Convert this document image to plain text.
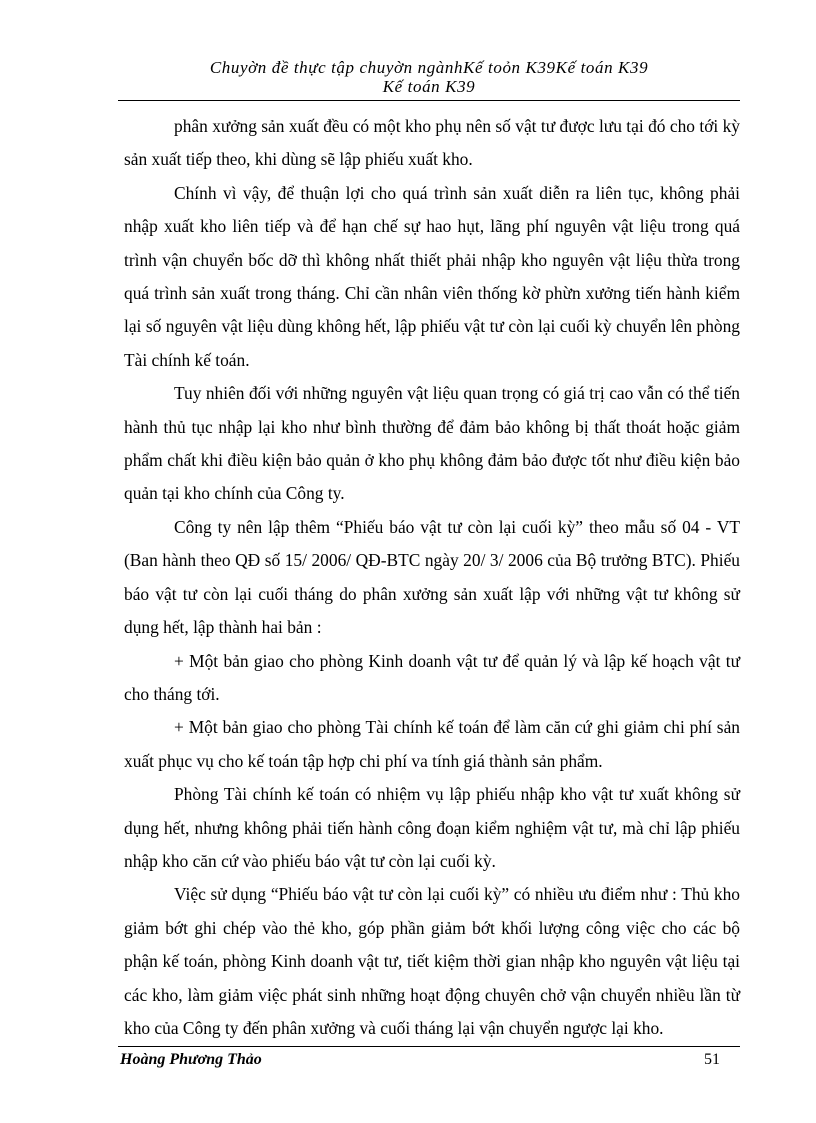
Chuyờn đề thực tập chuyờn ngànhKế toỏn K39Kế toán K39
Kế toán K39

phân xưởng sản xuất đều có một kho phụ nên số vật tư được lưu tại đó cho tới kỳ sản xuất tiếp theo, khi dùng sẽ lập phiếu xuất kho.

Chính vì vậy, để thuận lợi cho quá trình sản xuất diễn ra liên tục, không phải nhập xuất kho liên tiếp và để hạn chế sự hao hụt, lãng phí nguyên vật liệu trong quá trình vận chuyển bốc dỡ thì không nhất thiết phải nhập kho nguyên vật liệu thừa trong quá trình sản xuất trong tháng. Chỉ cần nhân viên thống kờ phừn xưởng tiến hành kiểm lại số nguyên vật liệu dùng không hết, lập phiếu vật tư còn lại cuối kỳ chuyển lên phòng Tài chính kế toán.

Tuy nhiên đối với những nguyên vật liệu quan trọng có giá trị cao vẫn có thể tiến hành thủ tục nhập lại kho như bình thường để đảm bảo không bị thất thoát hoặc giảm phẩm chất khi điều kiện bảo quản ở kho phụ không đảm bảo được tốt như điều kiện bảo quản tại kho chính của Công ty.

Công ty nên lập thêm “Phiếu báo vật tư còn lại cuối kỳ” theo mẫu số 04 - VT (Ban hành theo QĐ số 15/ 2006/ QĐ-BTC ngày 20/ 3/ 2006 của Bộ trưởng BTC). Phiếu báo vật tư còn lại cuối tháng do phân xưởng sản xuất lập với những vật tư không sử dụng hết, lập thành hai bản :

+ Một bản giao cho phòng Kinh doanh vật tư để quản lý và lập kế hoạch vật tư cho tháng tới.

+ Một bản giao cho phòng Tài chính kế toán để làm căn cứ ghi giảm chi phí sản xuất phục vụ cho kế toán tập hợp chi phí va tính giá thành sản phẩm.

Phòng Tài chính kế toán có nhiệm vụ lập phiếu nhập kho vật tư xuất không sử dụng hết, nhưng không phải tiến hành công đoạn kiểm nghiệm vật tư, mà chỉ lập phiếu nhập kho căn cứ vào phiếu báo vật tư còn lại cuối kỳ.

Việc sử dụng “Phiếu báo vật tư còn lại cuối kỳ” có nhiều ưu điểm như : Thủ kho giảm bớt ghi chép vào thẻ kho, góp phần giảm bớt khối lượng công việc cho các bộ phận kế toán, phòng Kinh doanh vật tư, tiết kiệm thời gian nhập kho nguyên vật liệu tại các kho, làm giảm việc phát sinh những hoạt động chuyên chở vận chuyển nhiều lần từ kho của Công ty đến phân xưởng và cuối tháng lại vận chuyển ngược lại kho.

Hoàng Phương Thảo	51
